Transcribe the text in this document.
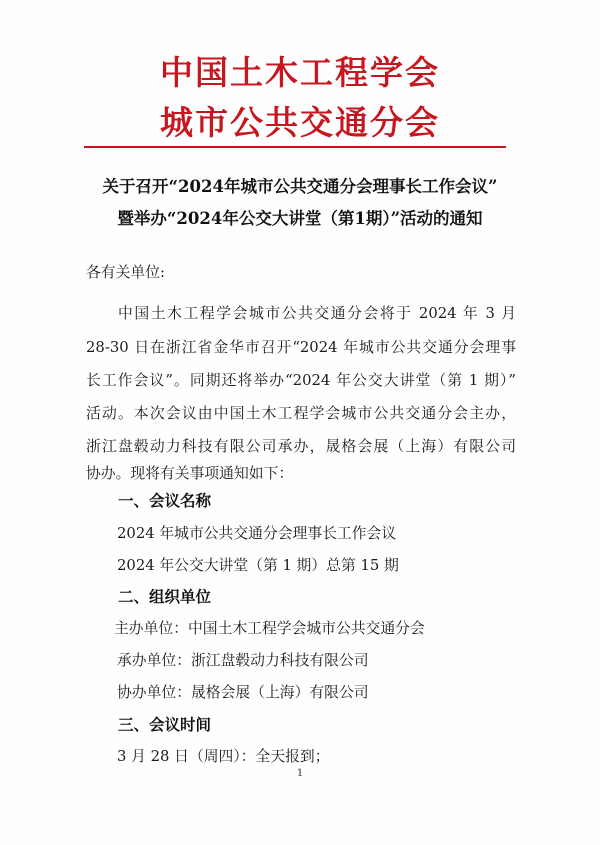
中国土木工程学会
城市公共交通分会
关于召开“2024年城市公共交通分会理事长工作会议”
暨举办“2024年公交大讲堂（第1期）”活动的通知
各有关单位:
中国土木工程学会城市公共交通分会将于 2024 年 3 月
28-30 日在浙江省金华市召开“2024 年城市公共交通分会理事
长工作会议”。同期还将举办“2024 年公交大讲堂（第 1 期）”
活动。本次会议由中国土木工程学会城市公共交通分会主办，
浙江盘毂动力科技有限公司承办，晟格会展（上海）有限公司
协办。现将有关事项通知如下：
一、会议名称
2024 年城市公共交通分会理事长工作会议
2024 年公交大讲堂（第 1 期）总第 15 期
二、组织单位
主办单位：中国土木工程学会城市公共交通分会
承办单位：浙江盘毂动力科技有限公司
协办单位：晟格会展（上海）有限公司
三、会议时间
3 月 28 日（周四）：全天报到；
1
